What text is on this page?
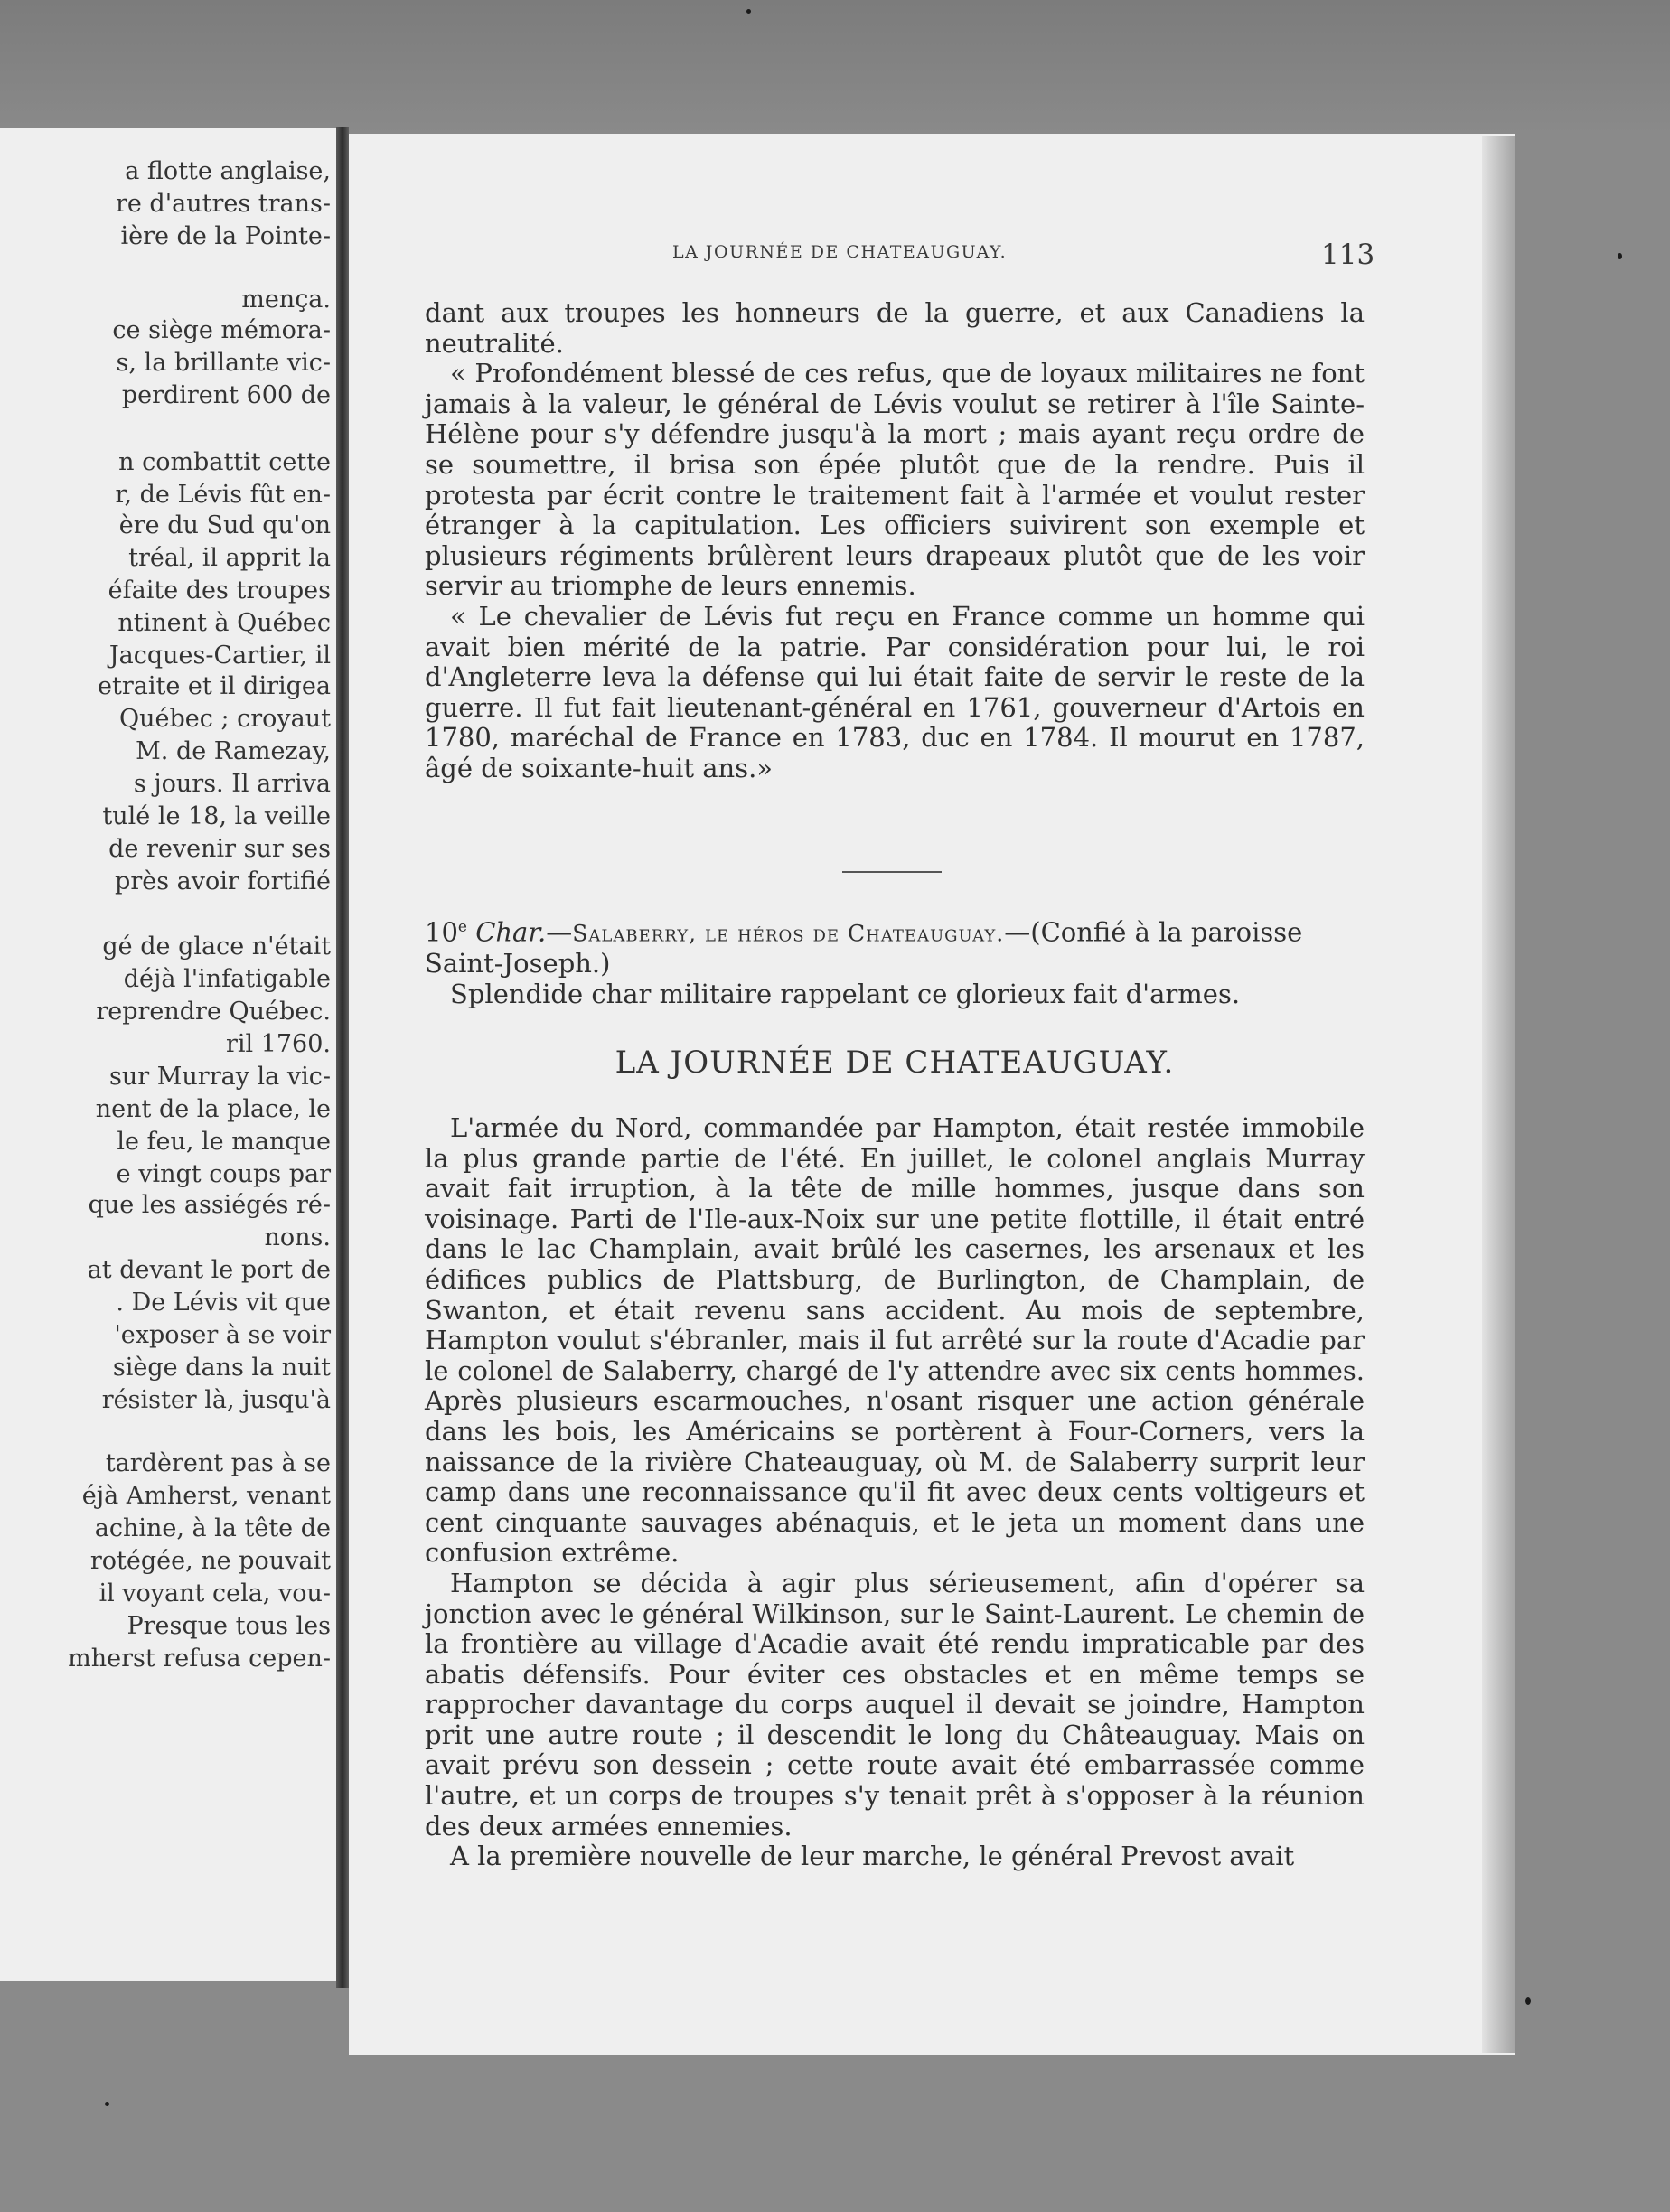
a flotte anglaise,
re d'autres trans-
ière de la Pointe-
mença.
ce siège mémora-
s, la brillante vic-
perdirent 600 de
n combattit cette
r, de Lévis fût en-
ère du Sud qu'on
tréal, il apprit la
éfaite des troupes
ntinent à Québec
Jacques-Cartier, il
etraite et il dirigea
Québec ; croyaut
M. de Ramezay,
s jours. Il arriva
tulé le 18, la veille
de revenir sur ses
près avoir fortifié
gé de glace n'était
déjà l'infatigable
reprendre Québec.
ril 1760.
sur Murray la vic-
nent de la place, le
le feu, le manque
e vingt coups par
que les assiégés ré-
nons.
at devant le port de
. De Lévis vit que
'exposer à se voir
siège dans la nuit
résister là, jusqu'à
tardèrent pas à se
éjà Amherst, venant
achine, à la tête de
rotégée, ne pouvait
il voyant cela, vou-
Presque tous les
mherst refusa cepen-
LA JOURNÉE DE CHATEAUGUAY.	113

dant aux troupes les honneurs de la guerre, et aux Canadiens la neutralité.

« Profondément blessé de ces refus, que de loyaux militaires ne font jamais à la valeur, le général de Lévis voulut se retirer à l'île Sainte-Hélène pour s'y défendre jusqu'à la mort ; mais ayant reçu ordre de se soumettre, il brisa son épée plutôt que de la rendre. Puis il protesta par écrit contre le traitement fait à l'armée et voulut rester étranger à la capitulation. Les officiers suivirent son exemple et plusieurs régiments brûlèrent leurs drapeaux plutôt que de les voir servir au triomphe de leurs ennemis.

« Le chevalier de Lévis fut reçu en France comme un homme qui avait bien mérité de la patrie. Par considération pour lui, le roi d'Angleterre leva la défense qui lui était faite de servir le reste de la guerre. Il fut fait lieutenant-général en 1761, gouverneur d'Artois en 1780, maréchal de France en 1783, duc en 1784. Il mourut en 1787, âgé de soixante-huit ans.»

10e Char.—Salaberry, le héros de Chateauguay.—(Confié à la paroisse Saint-Joseph.)
Splendide char militaire rappelant ce glorieux fait d'armes.
LA JOURNÉE DE CHATEAUGUAY.

L'armée du Nord, commandée par Hampton, était restée immobile la plus grande partie de l'été. En juillet, le colonel anglais Murray avait fait irruption, à la tête de mille hommes, jusque dans son voisinage. Parti de l'Ile-aux-Noix sur une petite flottille, il était entré dans le lac Champlain, avait brûlé les casernes, les arsenaux et les édifices publics de Plattsburg, de Burlington, de Champlain, de Swanton, et était revenu sans accident. Au mois de septembre, Hampton voulut s'ébranler, mais il fut arrêté sur la route d'Acadie par le colonel de Salaberry, chargé de l'y attendre avec six cents hommes. Après plusieurs escarmouches, n'osant risquer une action générale dans les bois, les Américains se portèrent à Four-Corners, vers la naissance de la rivière Chateauguay, où M. de Salaberry surprit leur camp dans une reconnaissance qu'il fit avec deux cents voltigeurs et cent cinquante sauvages abénaquis, et le jeta un moment dans une confusion extrême.

Hampton se décida à agir plus sérieusement, afin d'opérer sa jonction avec le général Wilkinson, sur le Saint-Laurent. Le chemin de la frontière au village d'Acadie avait été rendu impraticable par des abatis défensifs. Pour éviter ces obstacles et en même temps se rapprocher davantage du corps auquel il devait se joindre, Hampton prit une autre route ; il descendit le long du Châteauguay. Mais on avait prévu son dessein ; cette route avait été embarrassée comme l'autre, et un corps de troupes s'y tenait prêt à s'opposer à la réunion des deux armées ennemies.

A la première nouvelle de leur marche, le général Prevost avait
